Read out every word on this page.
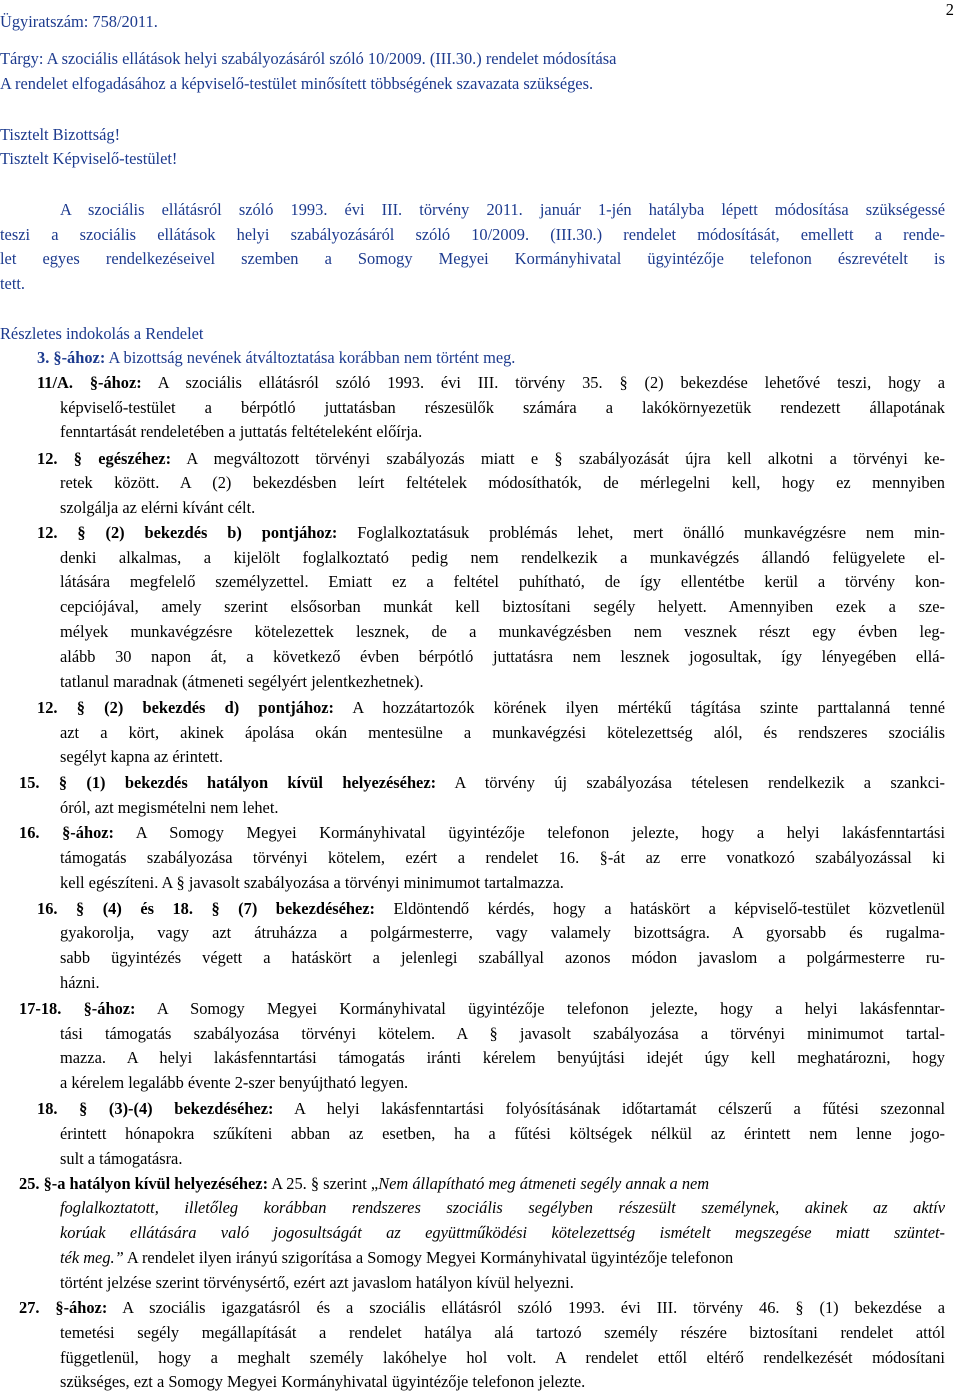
2
Ügyiratszám: 758/2011.
Tárgy: A szociális ellátások helyi szabályozásáról szóló 10/2009. (III.30.) rendelet módosítása
A rendelet elfogadásához a képviselő-testület minősített többségének szavazata szükséges.
Tisztelt Bizottság!
Tisztelt Képviselő-testület!
A szociális ellátásról szóló 1993. évi III. törvény 2011. január 1-jén hatályba lépett módosítása szükségessé
teszi a szociális ellátások helyi szabályozásáról szóló 10/2009. (III.30.) rendelet módosítását, emellett a rende-
let egyes rendelkezéseivel szemben a Somogy Megyei Kormányhivatal ügyintézője telefonon észrevételt is
tett.
Részletes indokolás a Rendelet
3. §-ához: A bizottság nevének átváltoztatása korábban nem történt meg.
11/A. §-ához: A szociális ellátásról szóló 1993. évi III. törvény 35. § (2) bekezdése lehetővé teszi, hogy a
képviselő-testület a bérpótló juttatásban részesülők számára a lakókörnyezetük rendezett állapotának
fenntartását rendeletében a juttatás feltételeként előírja.
12. § egészéhez: A megváltozott törvényi szabályozás miatt e § szabályozását újra kell alkotni a törvényi ke-
retek között. A (2) bekezdésben leírt feltételek módosíthatók, de mérlegelni kell, hogy ez mennyiben
szolgálja az elérni kívánt célt.
12. § (2) bekezdés b) pontjához: Foglalkoztatásuk problémás lehet, mert önálló munkavégzésre nem min-
denki alkalmas, a kijelölt foglalkoztató pedig nem rendelkezik a munkavégzés állandó felügyelete el-
látására megfelelő személyzettel. Emiatt ez a feltétel puhítható, de így ellentétbe kerül a törvény kon-
cepciójával, amely szerint elsősorban munkát kell biztosítani segély helyett. Amennyiben ezek a sze-
mélyek munkavégzésre kötelezettek lesznek, de a munkavégzésben nem vesznek részt egy évben leg-
alább 30 napon át, a következő évben bérpótló juttatásra nem lesznek jogosultak, így lényegében ellá-
tatlanul maradnak (átmeneti segélyért jelentkezhetnek).
12. § (2) bekezdés d) pontjához: A hozzátartozók körének ilyen mértékű tágítása szinte parttalanná tenné
azt a kört, akinek ápolása okán mentesülne a munkavégzési kötelezettség alól, és rendszeres szociális
segélyt kapna az érintett.
15. § (1) bekezdés hatályon kívül helyezéséhez: A törvény új szabályozása tételesen rendelkezik a szankci-
óról, azt megismételni nem lehet.
16. §-ához: A Somogy Megyei Kormányhivatal ügyintézője telefonon jelezte, hogy a helyi lakásfenntartási
támogatás szabályozása törvényi kötelem, ezért a rendelet 16. §-át az erre vonatkozó szabályozással ki
kell egészíteni. A § javasolt szabályozása a törvényi minimumot tartalmazza.
16. § (4) és 18. § (7) bekezdéséhez: Eldöntendő kérdés, hogy a hatáskört a képviselő-testület közvetlenül
gyakorolja, vagy azt átruházza a polgármesterre, vagy valamely bizottságra. A gyorsabb és rugalma-
sabb ügyintézés végett a hatáskört a jelenlegi szabállyal azonos módon javaslom a polgármesterre ru-
házni.
17-18. §-ához: A Somogy Megyei Kormányhivatal ügyintézője telefonon jelezte, hogy a helyi lakásfenntar-
tási támogatás szabályozása törvényi kötelem. A § javasolt szabályozása a törvényi minimumot tartal-
mazza. A helyi lakásfenntartási támogatás iránti kérelem benyújtási idejét úgy kell meghatározni, hogy
a kérelem legalább évente 2-szer benyújtható legyen.
18. § (3)-(4) bekezdéséhez: A helyi lakásfenntartási folyósításának időtartamát célszerű a fűtési szezonnal
érintett hónapokra szűkíteni abban az esetben, ha a fűtési költségek nélkül az érintett nem lenne jogo-
sult a támogatásra.
25. §-a hatályon kívül helyezéséhez: A 25. § szerint „Nem állapítható meg átmeneti segély annak a nem
foglalkoztatott, illetőleg korábban rendszeres szociális segélyben részesült személynek, akinek az aktív
korúak ellátására való jogosultságát az együttműködési kötelezettség ismételt megszegése miatt szüntet-
ték meg.” A rendelet ilyen irányú szigorítása a Somogy Megyei Kormányhivatal ügyintézője telefonon
történt jelzése szerint törvénysértő, ezért azt javaslom hatályon kívül helyezni.
27. §-ához: A szociális igazgatásról és a szociális ellátásról szóló 1993. évi III. törvény 46. § (1) bekezdése a
temetési segély megállapítását a rendelet hatálya alá tartozó személy részére biztosítani rendelet attól
függetlenül, hogy a meghalt személy lakóhelye hol volt. A rendelet ettől eltérő rendelkezését módosítani
szükséges, ezt a Somogy Megyei Kormányhivatal ügyintézője telefonon jelezte.
